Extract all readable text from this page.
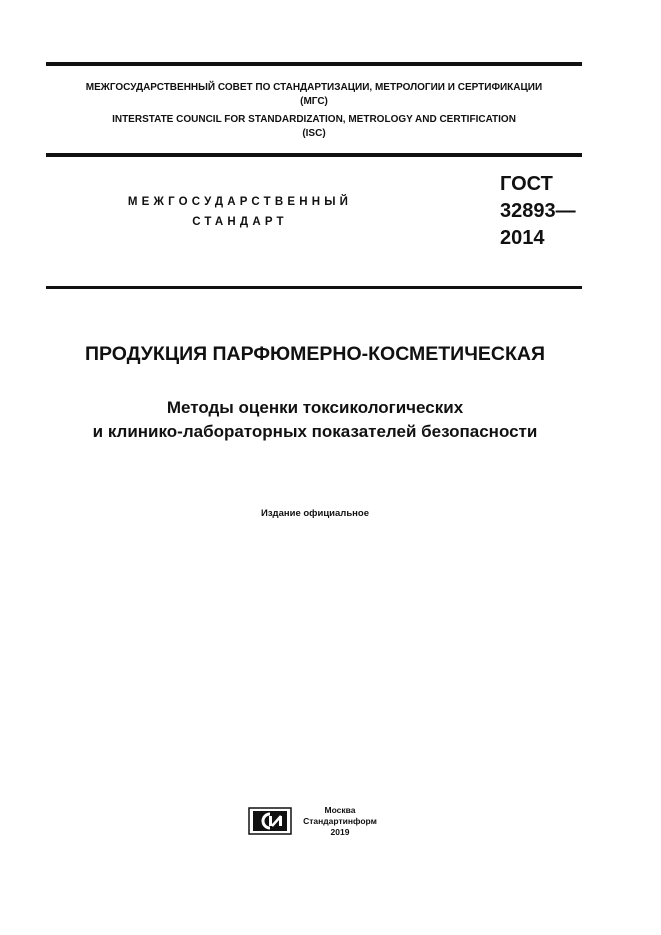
МЕЖГОСУДАРСТВЕННЫЙ СОВЕТ ПО СТАНДАРТИЗАЦИИ, МЕТРОЛОГИИ И СЕРТИФИКАЦИИ
(МГС)
INTERSTATE COUNCIL FOR STANDARDIZATION, METROLOGY AND CERTIFICATION
(ISC)
МЕЖГОСУДАРСТВЕННЫЙ
СТАНДАРТ
ГОСТ
32893—
2014
ПРОДУКЦИЯ ПАРФЮМЕРНО-КОСМЕТИЧЕСКАЯ
Методы оценки токсикологических
и клинико-лабораторных показателей безопасности
Издание официальное
Москва
Стандартинформ
2019
